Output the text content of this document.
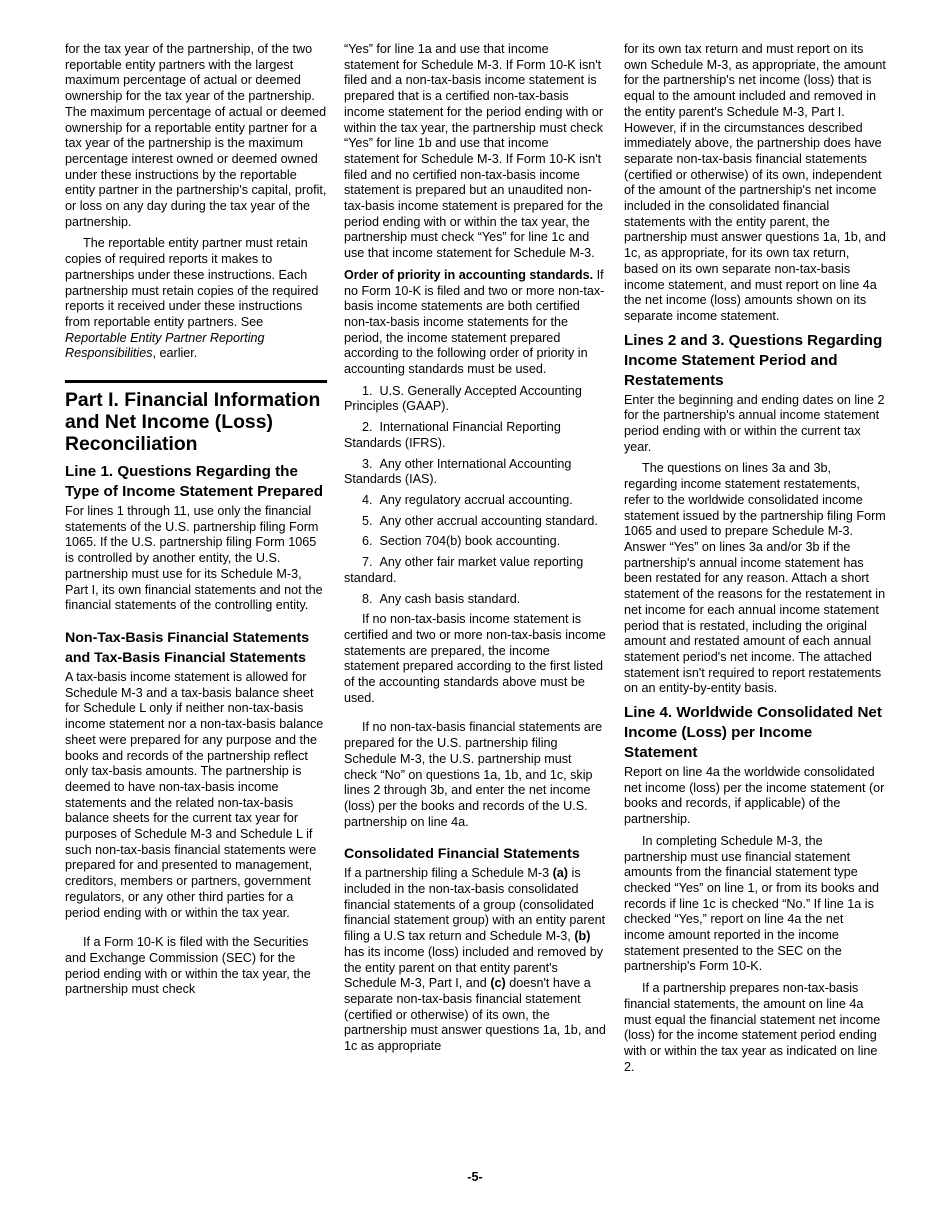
for the tax year of the partnership, of the two reportable entity partners with the largest maximum percentage of actual or deemed ownership for the tax year of the partnership. The maximum percentage of actual or deemed ownership for a reportable entity partner for a tax year of the partnership is the maximum percentage interest owned or deemed owned under these instructions by the reportable entity partner in the partnership's capital, profit, or loss on any day during the tax year of the partnership.

The reportable entity partner must retain copies of required reports it makes to partnerships under these instructions. Each partnership must retain copies of the required reports it received under these instructions from reportable entity partners. See Reportable Entity Partner Reporting Responsibilities, earlier.

Part I. Financial Information and Net Income (Loss) Reconciliation
Line 1. Questions Regarding the Type of Income Statement Prepared

For lines 1 through 11, use only the financial statements of the U.S. partnership filing Form 1065. If the U.S. partnership filing Form 1065 is controlled by another entity, the U.S. partnership must use for its Schedule M-3, Part I, its own financial statements and not the financial statements of the controlling entity.

Non-Tax-Basis Financial Statements and Tax-Basis Financial Statements

A tax-basis income statement is allowed for Schedule M-3 and a tax-basis balance sheet for Schedule L only if neither non-tax-basis income statement nor a non-tax-basis balance sheet were prepared for any purpose and the books and records of the partnership reflect only tax-basis amounts. The partnership is deemed to have non-tax-basis income statements and the related non-tax-basis balance sheets for the current tax year for purposes of Schedule M-3 and Schedule L if such non-tax-basis financial statements were prepared for and presented to management, creditors, members or partners, government regulators, or any other third parties for a period ending with or within the tax year.

If a Form 10-K is filed with the Securities and Exchange Commission (SEC) for the period ending with or within the tax year, the partnership must check

“Yes” for line 1a and use that income statement for Schedule M-3. If Form 10-K isn't filed and a non-tax-basis income statement is prepared that is a certified non-tax-basis income statement for the period ending with or within the tax year, the partnership must check “Yes” for line 1b and use that income statement for Schedule M-3. If Form 10-K isn't filed and no certified non-tax-basis income statement is prepared but an unaudited non-tax-basis income statement is prepared for the period ending with or within the tax year, the partnership must check “Yes” for line 1c and use that income statement for Schedule M-3.

Order of priority in accounting standards. If no Form 10-K is filed and two or more non-tax-basis income statements are both certified non-tax-basis income statements for the period, the income statement prepared according to the following order of priority in accounting standards must be used.

1.  U.S. Generally Accepted Accounting Principles (GAAP).

2.  International Financial Reporting Standards (IFRS).

3.  Any other International Accounting Standards (IAS).

4.  Any regulatory accrual accounting.

5.  Any other accrual accounting standard.

6.  Section 704(b) book accounting.

7.  Any other fair market value reporting standard.

8.  Any cash basis standard.

If no non-tax-basis income statement is certified and two or more non-tax-basis income statements are prepared, the income statement prepared according to the first listed of the accounting standards above must be used.

If no non-tax-basis financial statements are prepared for the U.S. partnership filing Schedule M-3, the U.S. partnership must check “No” on questions 1a, 1b, and 1c, skip lines 2 through 3b, and enter the net income (loss) per the books and records of the U.S. partnership on line 4a.

Consolidated Financial Statements

If a partnership filing a Schedule M-3 (a) is included in the non-tax-basis consolidated financial statements of a group (consolidated financial statement group) with an entity parent filing a U.S tax return and Schedule M-3, (b) has its income (loss) included and removed by the entity parent on that entity parent's Schedule M-3, Part I, and (c) doesn't have a separate non-tax-basis financial statement (certified or otherwise) of its own, the partnership must answer questions 1a, 1b, and 1c as appropriate

for its own tax return and must report on its own Schedule M-3, as appropriate, the amount for the partnership's net income (loss) that is equal to the amount included and removed in the entity parent's Schedule M-3, Part I. However, if in the circumstances described immediately above, the partnership does have separate non-tax-basis financial statements (certified or otherwise) of its own, independent of the amount of the partnership's net income included in the consolidated financial statements with the entity parent, the partnership must answer questions 1a, 1b, and 1c, as appropriate, for its own tax return, based on its own separate non-tax-basis income statement, and must report on line 4a the net income (loss) amounts shown on its separate income statement.

Lines 2 and 3. Questions Regarding Income Statement Period and Restatements

Enter the beginning and ending dates on line 2 for the partnership's annual income statement period ending with or within the current tax year.

The questions on lines 3a and 3b, regarding income statement restatements, refer to the worldwide consolidated income statement issued by the partnership filing Form 1065 and used to prepare Schedule M-3. Answer “Yes” on lines 3a and/or 3b if the partnership's annual income statement has been restated for any reason. Attach a short statement of the reasons for the restatement in net income for each annual income statement period that is restated, including the original amount and restated amount of each annual statement period's net income. The attached statement isn't required to report restatements on an entity-by-entity basis.

Line 4. Worldwide Consolidated Net Income (Loss) per Income Statement

Report on line 4a the worldwide consolidated net income (loss) per the income statement (or books and records, if applicable) of the partnership.

In completing Schedule M-3, the partnership must use financial statement amounts from the financial statement type checked “Yes” on line 1, or from its books and records if line 1c is checked “No.” If line 1a is checked “Yes,” report on line 4a the net income amount reported in the income statement presented to the SEC on the partnership's Form 10-K.

If a partnership prepares non-tax-basis financial statements, the amount on line 4a must equal the financial statement net income (loss) for the income statement period ending with or within the tax year as indicated on line 2.

-5-
